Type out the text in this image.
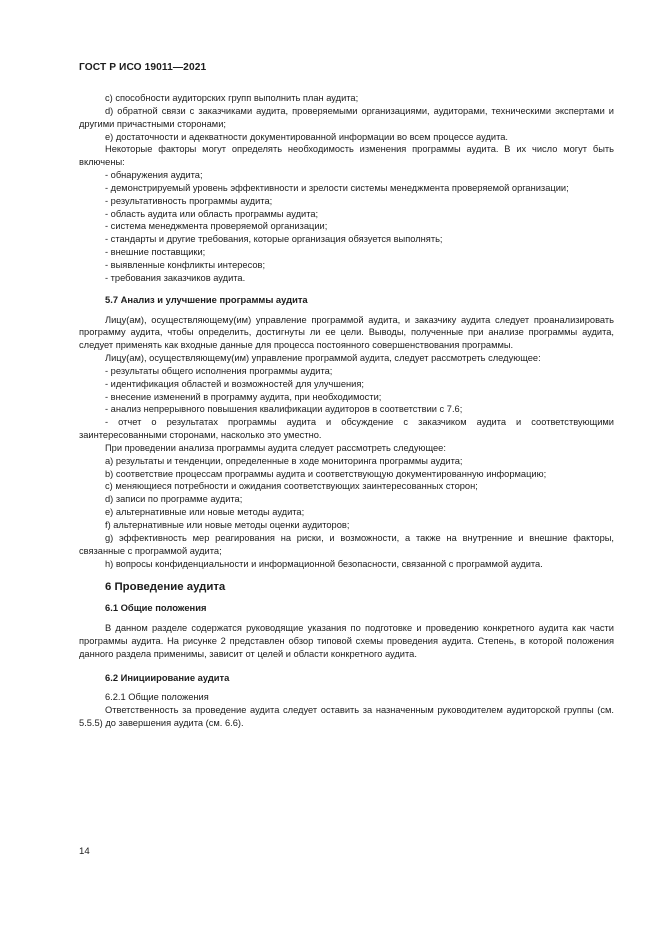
ГОСТ Р ИСО 19011—2021

c) способности аудиторских групп выполнить план аудита;

d) обратной связи с заказчиками аудита, проверяемыми организациями, аудиторами, техническими экспертами и другими причастными сторонами;

e) достаточности и адекватности документированной информации во всем процессе аудита.

Некоторые факторы могут определять необходимость изменения программы аудита. В их число могут быть включены:

- обнаружения аудита;

- демонстрируемый уровень эффективности и зрелости системы менеджмента проверяемой организации;

- результативность программы аудита;

- область аудита или область программы аудита;

- система менеджмента проверяемой организации;

- стандарты и другие требования, которые организация обязуется выполнять;

- внешние поставщики;

- выявленные конфликты интересов;

- требования заказчиков аудита.

5.7 Анализ и улучшение программы аудита

Лицу(ам), осуществляющему(им) управление программой аудита, и заказчику аудита следует проанализировать программу аудита, чтобы определить, достигнуты ли ее цели. Выводы, полученные при анализе программы аудита, следует применять как входные данные для процесса постоянного совершенствования программы.

Лицу(ам), осуществляющему(им) управление программой аудита, следует рассмотреть следующее:

- результаты общего исполнения программы аудита;

- идентификация областей и возможностей для улучшения;

- внесение изменений в программу аудита, при необходимости;

- анализ непрерывного повышения квалификации аудиторов в соответствии с 7.6;

- отчет о результатах программы аудита и обсуждение с заказчиком аудита и соответствующими заинтересованными сторонами, насколько это уместно.

При проведении анализа программы аудита следует рассмотреть следующее:

a) результаты и тенденции, определенные в ходе мониторинга программы аудита;

b) соответствие процессам программы аудита и соответствующую документированную информацию;

c) меняющиеся потребности и ожидания соответствующих заинтересованных сторон;

d) записи по программе аудита;

e) альтернативные или новые методы аудита;

f) альтернативные или новые методы оценки аудиторов;

g) эффективность мер реагирования на риски, и возможности, а также на внутренние и внешние факторы, связанные с программой аудита;

h) вопросы конфиденциальности и информационной безопасности, связанной с программой аудита.

6 Проведение аудита
6.1 Общие положения

В данном разделе содержатся руководящие указания по подготовке и проведению конкретного аудита как части программы аудита. На рисунке 2 представлен обзор типовой схемы проведения аудита. Степень, в которой положения данного раздела применимы, зависит от целей и области конкретного аудита.

6.2 Инициирование аудита

6.2.1 Общие положения

Ответственность за проведение аудита следует оставить за назначенным руководителем аудиторской группы (см. 5.5.5) до завершения аудита (см. 6.6).

14
